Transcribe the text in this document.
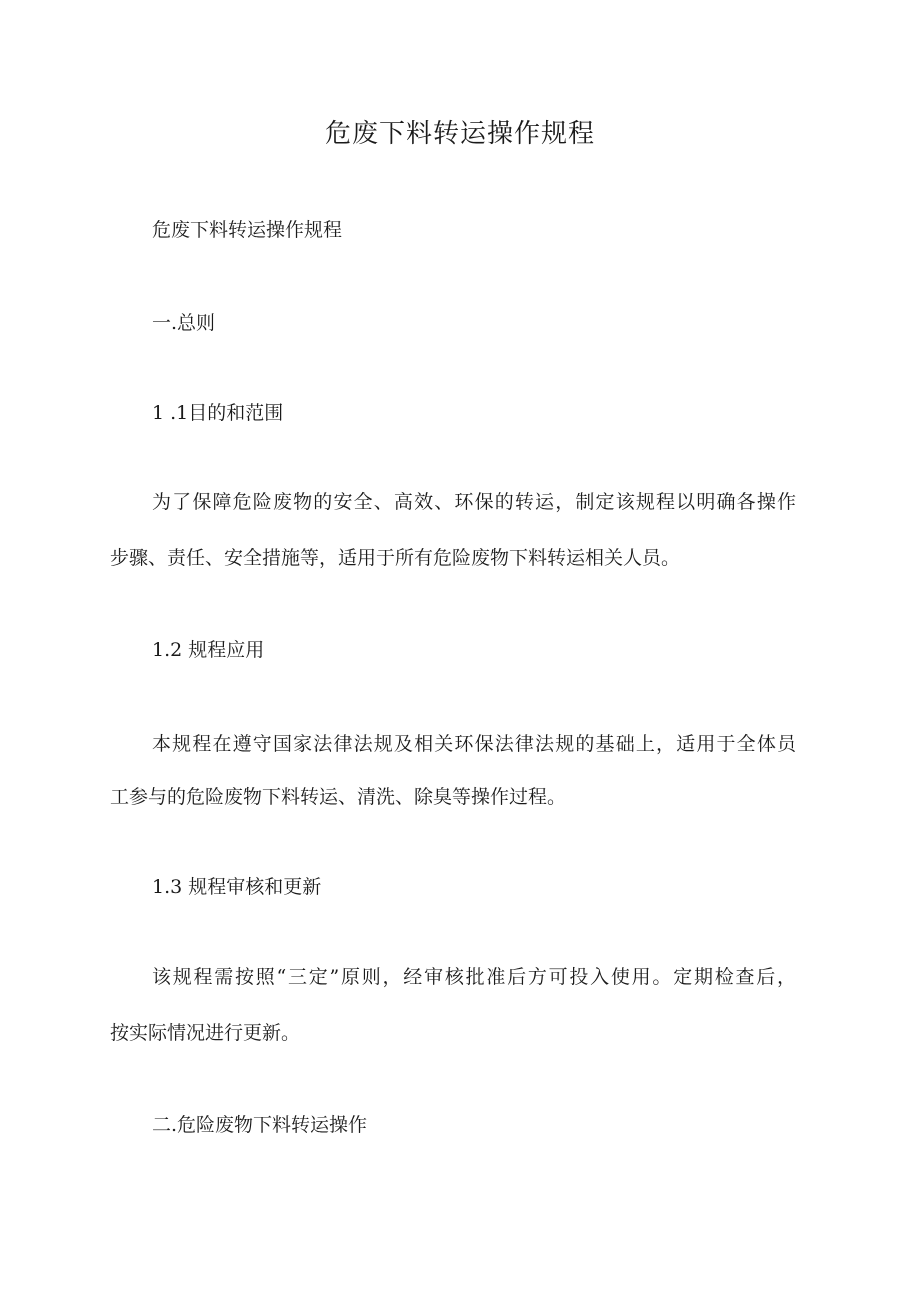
危废下料转运操作规程

危废下料转运操作规程

一.总则

1 .1目的和范围

为了保障危险废物的安全、高效、环保的转运，制定该规程以明确各操作

步骤、责任、安全措施等，适用于所有危险废物下料转运相关人员。

1.2 规程应用

本规程在遵守国家法律法规及相关环保法律法规的基础上，适用于全体员

工参与的危险废物下料转运、清洗、除臭等操作过程。

1.3 规程审核和更新

该规程需按照“三定”原则，经审核批准后方可投入使用。定期检查后，

按实际情况进行更新。

二.危险废物下料转运操作
